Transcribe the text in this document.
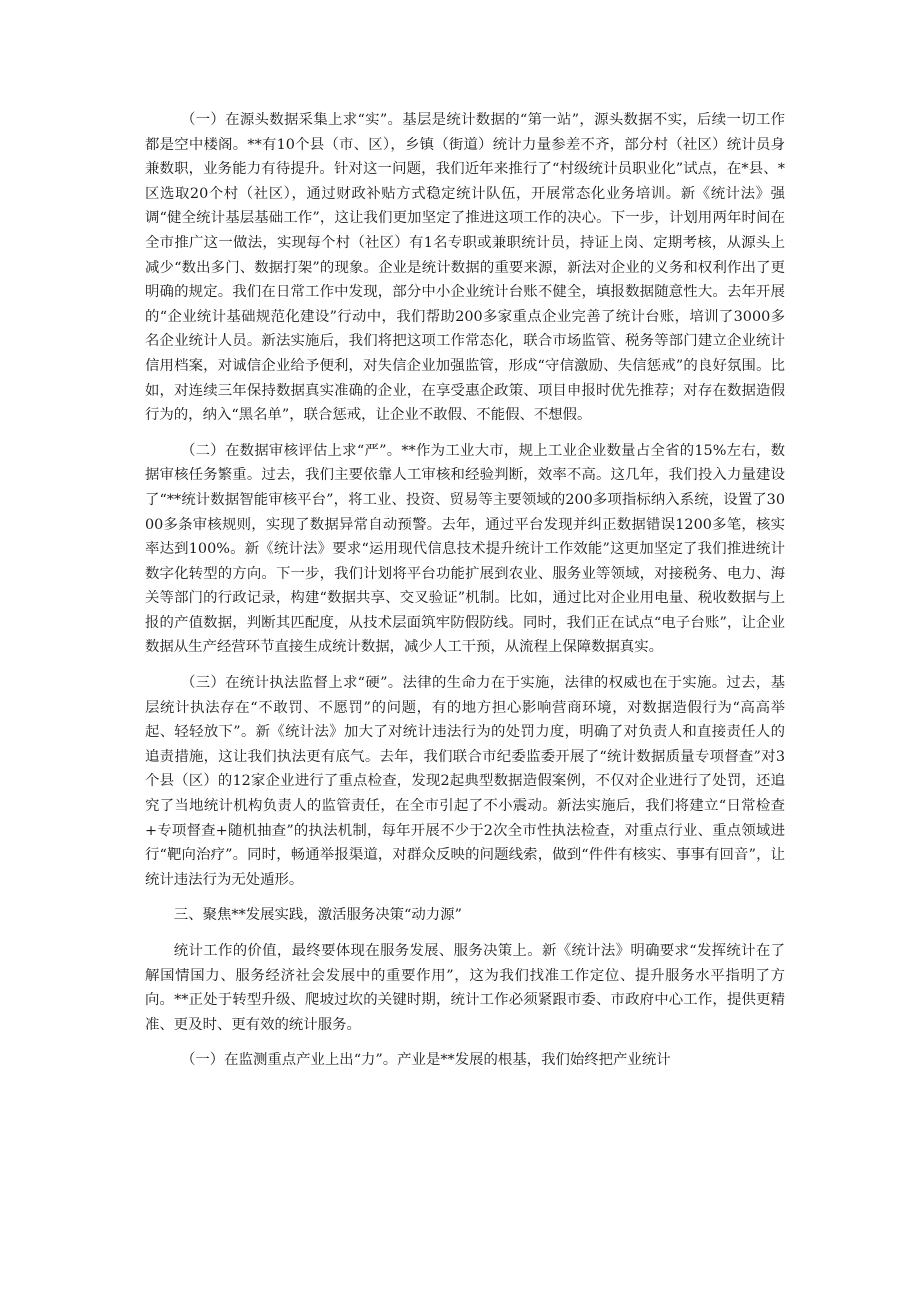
（一）在源头数据采集上求“实”。基层是统计数据的“第一站”，源头数据不实，后续一切工作都是空中楼阁。**有10个县（市、区），乡镇（街道）统计力量参差不齐，部分村（社区）统计员身兼数职，业务能力有待提升。针对这一问题，我们近年来推行了“村级统计员职业化”试点，在*县、*区选取20个村（社区），通过财政补贴方式稳定统计队伍，开展常态化业务培训。新《统计法》强调“健全统计基层基础工作”，这让我们更加坚定了推进这项工作的决心。下一步，计划用两年时间在全市推广这一做法，实现每个村（社区）有1名专职或兼职统计员，持证上岗、定期考核，从源头上减少“数出多门、数据打架”的现象。企业是统计数据的重要来源，新法对企业的义务和权利作出了更明确的规定。我们在日常工作中发现，部分中小企业统计台账不健全，填报数据随意性大。去年开展的“企业统计基础规范化建设”行动中，我们帮助200多家重点企业完善了统计台账，培训了3000多名企业统计人员。新法实施后，我们将把这项工作常态化，联合市场监管、税务等部门建立企业统计信用档案，对诚信企业给予便利，对失信企业加强监管，形成“守信激励、失信惩戒”的良好氛围。比如，对连续三年保持数据真实准确的企业，在享受惠企政策、项目申报时优先推荐；对存在数据造假行为的，纳入“黑名单”，联合惩戒，让企业不敢假、不能假、不想假。

（二）在数据审核评估上求“严”。**作为工业大市，规上工业企业数量占全省的15%左右，数据审核任务繁重。过去，我们主要依靠人工审核和经验判断，效率不高。这几年，我们投入力量建设了“**统计数据智能审核平台”，将工业、投资、贸易等主要领域的200多项指标纳入系统，设置了3000多条审核规则，实现了数据异常自动预警。去年，通过平台发现并纠正数据错误1200多笔，核实率达到100%。新《统计法》要求“运用现代信息技术提升统计工作效能”这更加坚定了我们推进统计数字化转型的方向。下一步，我们计划将平台功能扩展到农业、服务业等领域，对接税务、电力、海关等部门的行政记录，构建“数据共享、交叉验证”机制。比如，通过比对企业用电量、税收数据与上报的产值数据，判断其匹配度，从技术层面筑牢防假防线。同时，我们正在试点“电子台账”，让企业数据从生产经营环节直接生成统计数据，减少人工干预，从流程上保障数据真实。

（三）在统计执法监督上求“硬”。法律的生命力在于实施，法律的权威也在于实施。过去，基层统计执法存在“不敢罚、不愿罚”的问题，有的地方担心影响营商环境，对数据造假行为“高高举起、轻轻放下”。新《统计法》加大了对统计违法行为的处罚力度，明确了对负责人和直接责任人的追责措施，这让我们执法更有底气。去年，我们联合市纪委监委开展了“统计数据质量专项督查”对3个县（区）的12家企业进行了重点检查，发现2起典型数据造假案例，不仅对企业进行了处罚，还追究了当地统计机构负责人的监管责任，在全市引起了不小震动。新法实施后，我们将建立“日常检查+专项督查+随机抽查”的执法机制，每年开展不少于2次全市性执法检查，对重点行业、重点领域进行“靶向治疗”。同时，畅通举报渠道，对群众反映的问题线索，做到“件件有核实、事事有回音”，让统计违法行为无处遁形。

三、聚焦**发展实践，激活服务决策“动力源”

统计工作的价值，最终要体现在服务发展、服务决策上。新《统计法》明确要求“发挥统计在了解国情国力、服务经济社会发展中的重要作用”，这为我们找准工作定位、提升服务水平指明了方向。**正处于转型升级、爬坡过坎的关键时期，统计工作必须紧跟市委、市政府中心工作，提供更精准、更及时、更有效的统计服务。

（一）在监测重点产业上出“力”。产业是**发展的根基，我们始终把产业统计
